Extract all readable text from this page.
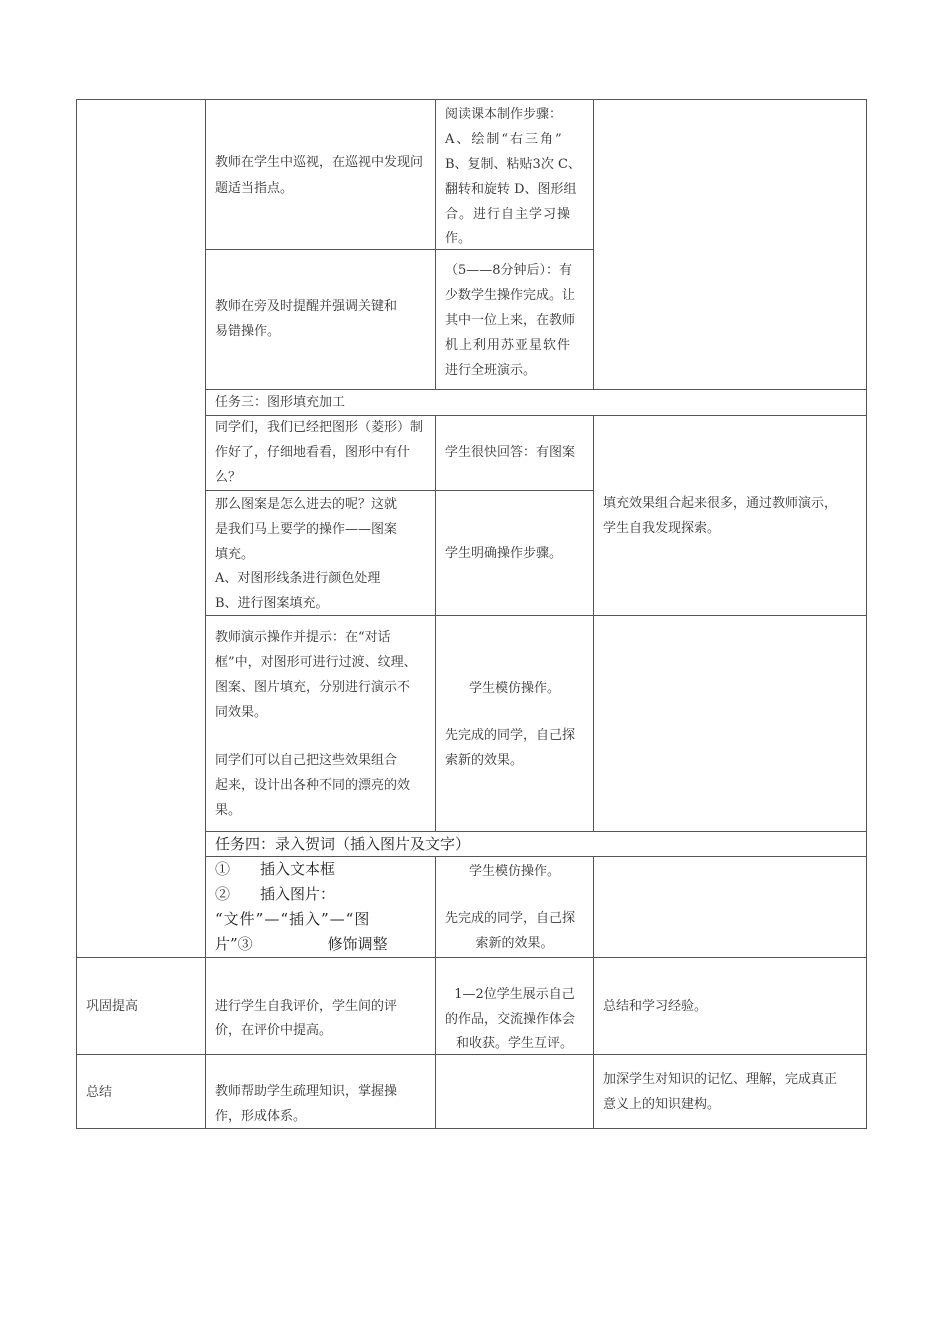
教师在学生中巡视，在巡视中发现问题适当指点。
阅读课本制作步骤：
A、绘制“右三角”
B、复制、粘贴3次 C、
翻转和旋转 D、图形组
合。进行自主学习操
作。
教师在旁及时提醒并强调关键和
易错操作。
（5——8分钟后）：有
少数学生操作完成。让
其中一位上来，在教师
机上利用苏亚星软件
进行全班演示。
任务三：图形填充加工
同学们，我们已经把图形（菱形）制
作好了，仔细地看看，图形中有什
么？
学生很快回答：有图案
填充效果组合起来很多，通过教师演示，
学生自我发现探索。
那么图案是怎么进去的呢？这就
是我们马上要学的操作——图案
填充。
A、对图形线条进行颜色处理
B、进行图案填充。
学生明确操作步骤。
教师演示操作并提示：在“对话
框”中，对图形可进行过渡、纹理、
图案、图片填充，分别进行演示不
同效果。
同学们可以自己把这些效果组合
起来，设计出各种不同的漂亮的效
果。
学生模仿操作。
先完成的同学，自己探
索新的效果。
任务四：录入贺词（插入图片及文字）
①　　插入文本框
②　　插入图片：
“文件”—“插入”—“图
片”③　　　　　修饰调整
学生模仿操作。
先完成的同学，自己探
索新的效果。
巩固提高	进行学生自我评价，学生间的评
价，在评价中提高。
1—2位学生展示自己
的作品，交流操作体会
和收获。学生互评。
总结和学习经验。
总结	教师帮助学生疏理知识，掌握操
作，形成体系。
加深学生对知识的记忆、理解，完成真正
意义上的知识建构。
